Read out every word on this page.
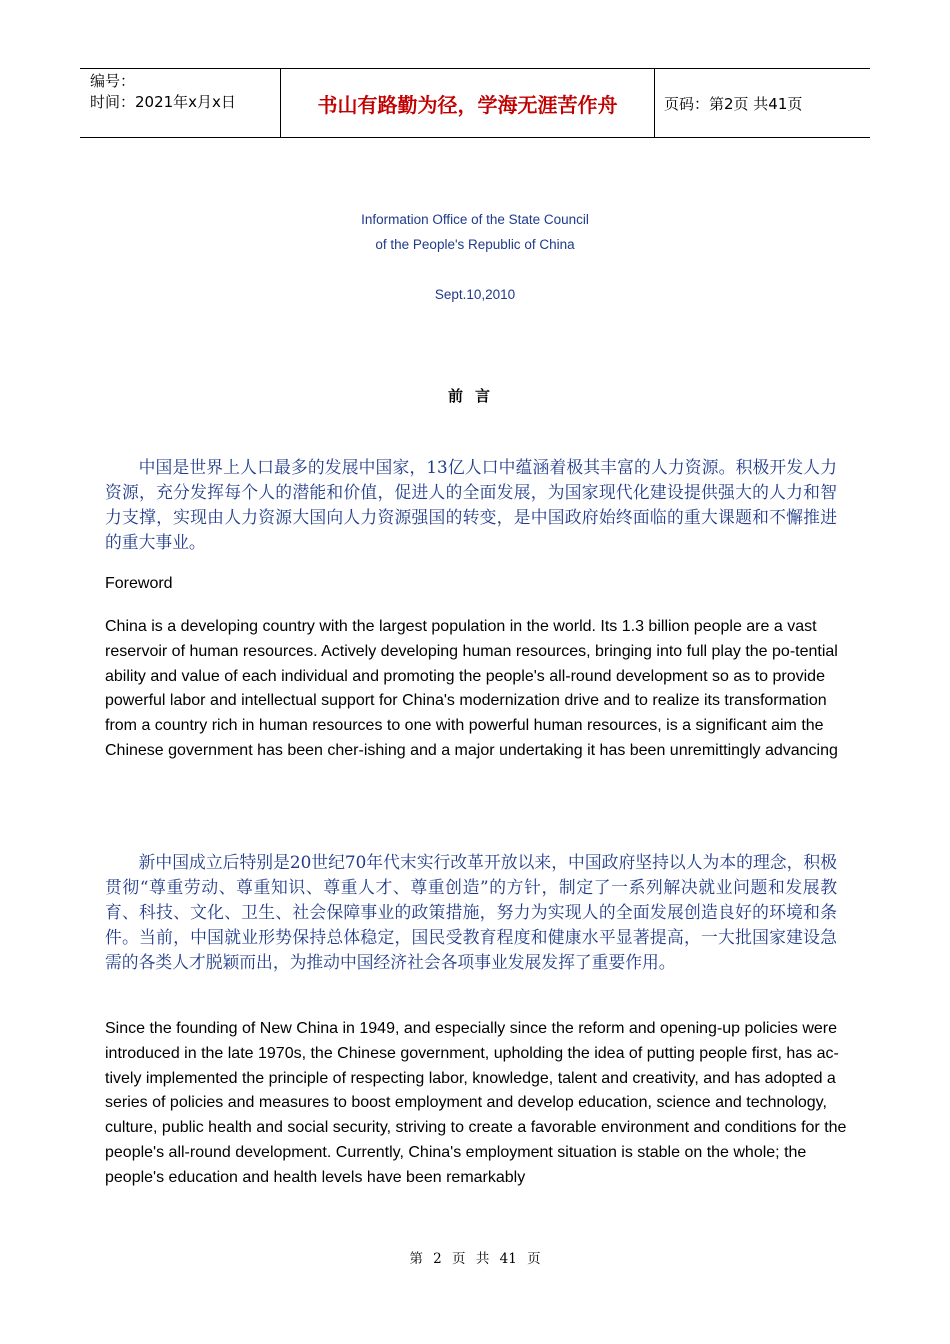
编号：
时间：2021年x月x日	书山有路勤为径，学海无涯苦作舟	页码：第2页 共41页
Information Office of the State Council
of the People's Republic of China
Sept.10,2010
前言
中国是世界上人口最多的发展中国家，13亿人口中蕴涵着极其丰富的人力资源。积极开发人力资源，充分发挥每个人的潜能和价值，促进人的全面发展，为国家现代化建设提供强大的人力和智力支撑，实现由人力资源大国向人力资源强国的转变，是中国政府始终面临的重大课题和不懈推进的重大事业。
Foreword
China is a developing country with the largest population in the world. Its 1.3 billion people are a vast reservoir of human resources. Actively developing human resources, bringing into full play the po-tential ability and value of each individual and promoting the people's all-round development so as to provide powerful labor and intellectual support for China's modernization drive and to realize its transformation from a country rich in human resources to one with powerful human resources, is a significant aim the Chinese government has been cher-ishing and a major undertaking it has been unremittingly advancing
新中国成立后特别是20世纪70年代末实行改革开放以来，中国政府坚持以人为本的理念，积极贯彻“尊重劳动、尊重知识、尊重人才、尊重创造”的方针，制定了一系列解决就业问题和发展教育、科技、文化、卫生、社会保障事业的政策措施，努力为实现人的全面发展创造良好的环境和条件。当前，中国就业形势保持总体稳定，国民受教育程度和健康水平显著提高，一大批国家建设急需的各类人才脱颖而出，为推动中国经济社会各项事业发展发挥了重要作用。
Since the founding of New China in 1949, and especially since the reform and opening-up policies were introduced in the late 1970s, the Chinese government, upholding the idea of putting people first, has ac-tively implemented the principle of respecting labor, knowledge, talent and creativity, and has adopted a series of policies and measures to boost employment and develop education, science and technology, culture, public health and social security, striving to create a favorable environment and conditions for the people's all-round development. Currently, China's employment situation is stable on the whole; the people's education and health levels have been remarkably
第 2 页 共 41 页
